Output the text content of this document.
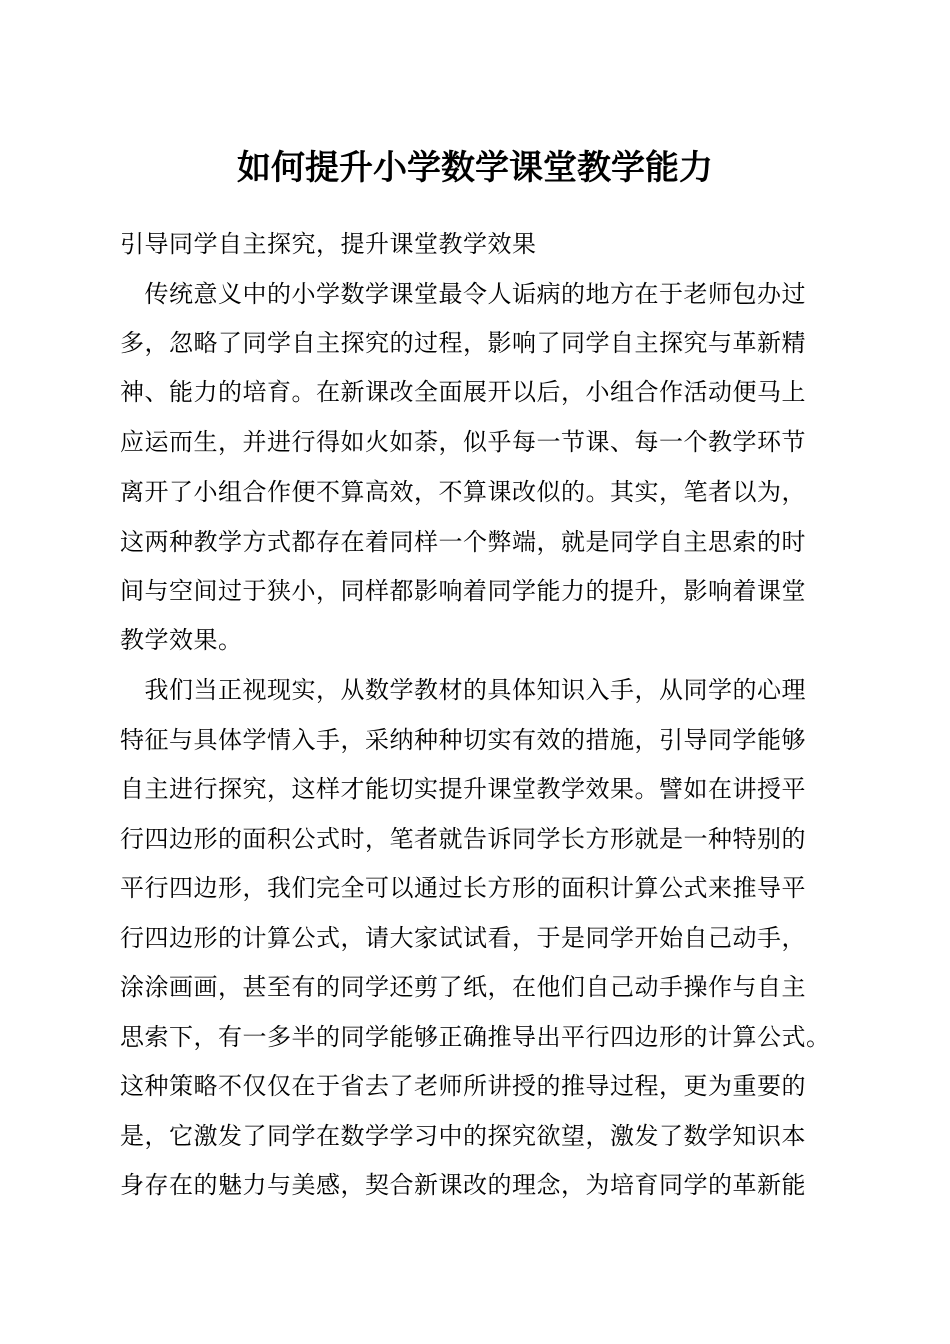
如何提升小学数学课堂教学能力
引导同学自主探究，提升课堂教学效果
　传统意义中的小学数学课堂最令人诟病的地方在于老师包办过
多，忽略了同学自主探究的过程，影响了同学自主探究与革新精
神、能力的培育。在新课改全面展开以后，小组合作活动便马上
应运而生，并进行得如火如荼，似乎每一节课、每一个教学环节
离开了小组合作便不算高效，不算课改似的。其实，笔者以为，
这两种教学方式都存在着同样一个弊端，就是同学自主思索的时
间与空间过于狭小，同样都影响着同学能力的提升，影响着课堂
教学效果。
　我们当正视现实，从数学教材的具体知识入手，从同学的心理
特征与具体学情入手，采纳种种切实有效的措施，引导同学能够
自主进行探究，这样才能切实提升课堂教学效果。譬如在讲授平
行四边形的面积公式时，笔者就告诉同学长方形就是一种特别的
平行四边形，我们完全可以通过长方形的面积计算公式来推导平
行四边形的计算公式，请大家试试看，于是同学开始自己动手，
涂涂画画，甚至有的同学还剪了纸，在他们自己动手操作与自主
思索下，有一多半的同学能够正确推导出平行四边形的计算公式。
这种策略不仅仅在于省去了老师所讲授的推导过程，更为重要的
是，它激发了同学在数学学习中的探究欲望，激发了数学知识本
身存在的魅力与美感，契合新课改的理念，为培育同学的革新能
